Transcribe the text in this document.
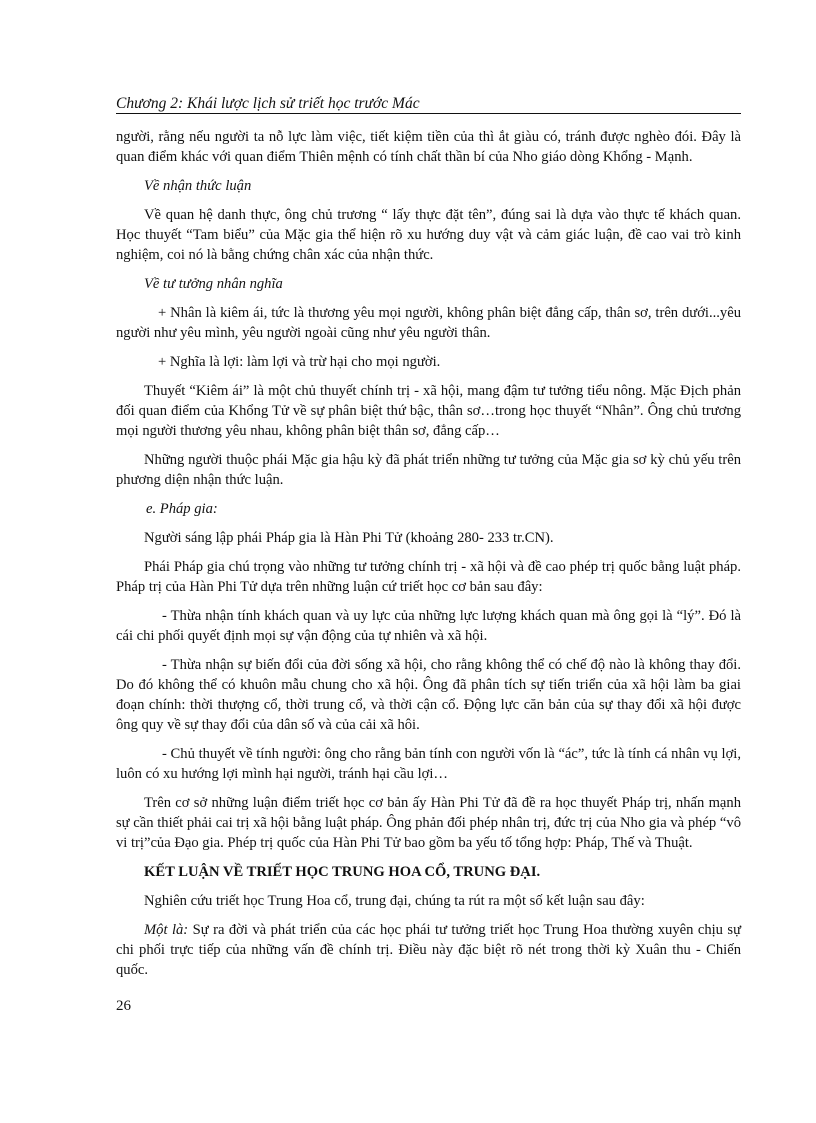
Chương 2: Khái lược lịch sử triết học trước Mác

người, rằng nếu người ta nỗ lực làm việc, tiết kiệm tiền của thì ắt giàu có, tránh được nghèo đói. Đây là quan điểm khác với quan điểm Thiên mệnh có tính chất thần bí của Nho giáo dòng Khổng - Mạnh.

Về nhận thức luận

Về quan hệ danh thực, ông chủ trương “ lấy thực đặt tên”, đúng sai là dựa vào thực tế khách quan. Học thuyết “Tam biểu” của Mặc gia thể hiện rõ xu hướng duy vật và cảm giác luận, đề cao vai trò kinh nghiệm, coi nó là bằng chứng chân xác của nhận thức.

Về tư tưởng nhân nghĩa

+ Nhân là kiêm ái, tức là thương yêu mọi người, không phân biệt đẳng cấp, thân sơ, trên dưới...yêu người như yêu mình, yêu người ngoài cũng như yêu người thân.

+ Nghĩa là lợi: làm lợi và trừ hại cho mọi người.

Thuyết “Kiêm ái” là một chủ thuyết chính trị - xã hội, mang đậm tư tưởng tiểu nông. Mặc Địch phản đối quan điểm của Khổng Tử về sự phân biệt thứ bậc, thân sơ…trong học thuyết “Nhân”. Ông chủ trương mọi người thương yêu nhau, không phân biệt thân sơ, đẳng cấp…

Những người thuộc phái Mặc gia hậu kỳ đã phát triển những tư tưởng của Mặc gia sơ kỳ chủ yếu trên phương diện nhận thức luận.

e. Pháp gia:

Người sáng lập phái Pháp gia là Hàn Phi Tử (khoảng 280- 233 tr.CN).

Phái Pháp gia chú trọng vào những tư tưởng chính trị - xã hội và đề cao phép trị quốc bằng luật pháp. Pháp trị của Hàn Phi Tử dựa trên những luận cứ triết học cơ bản sau đây:

- Thừa nhận tính khách quan và uy lực của những lực lượng khách quan mà ông gọi là “lý”. Đó là cái chi phối quyết định mọi sự vận động của tự nhiên và xã hội.

- Thừa nhận sự biến đổi của đời sống xã hội, cho rằng không thể có chế độ nào là không thay đổi. Do đó không thể có khuôn mẫu chung cho xã hội. Ông đã phân tích sự tiến triển của xã hội làm ba giai đoạn chính: thời thượng cổ, thời trung cổ, và thời cận cổ. Động lực căn bản của sự thay đổi xã hội được ông quy về sự thay đổi của dân số và của cải xã hôi.

- Chủ thuyết về tính người: ông cho rằng bản tính con người vốn là “ác”, tức là tính cá nhân vụ lợi, luôn có xu hướng lợi mình hại người, tránh hại cầu lợi…

Trên cơ sở những luận điểm triết học cơ bản ấy Hàn Phi Tử đã đề ra học thuyết Pháp trị, nhấn mạnh sự cần thiết phải cai trị xã hội bằng luật pháp. Ông phản đối phép nhân trị, đức trị của Nho gia và phép “vô vi trị”của Đạo gia. Phép trị quốc của Hàn Phi Tử bao gồm ba yếu tố tổng hợp: Pháp, Thế và Thuật.

KẾT LUẬN VỀ TRIẾT HỌC TRUNG HOA CỔ, TRUNG ĐẠI.

Nghiên cứu triết học Trung Hoa cổ, trung đại, chúng ta rút ra một số kết luận sau đây:

Một là: Sự ra đời và phát triển của các học phái tư tưởng triết học Trung Hoa thường xuyên chịu sự chi phối trực tiếp của những vấn đề chính trị. Điều này đặc biệt rõ nét trong thời kỳ Xuân thu - Chiến quốc.

26
